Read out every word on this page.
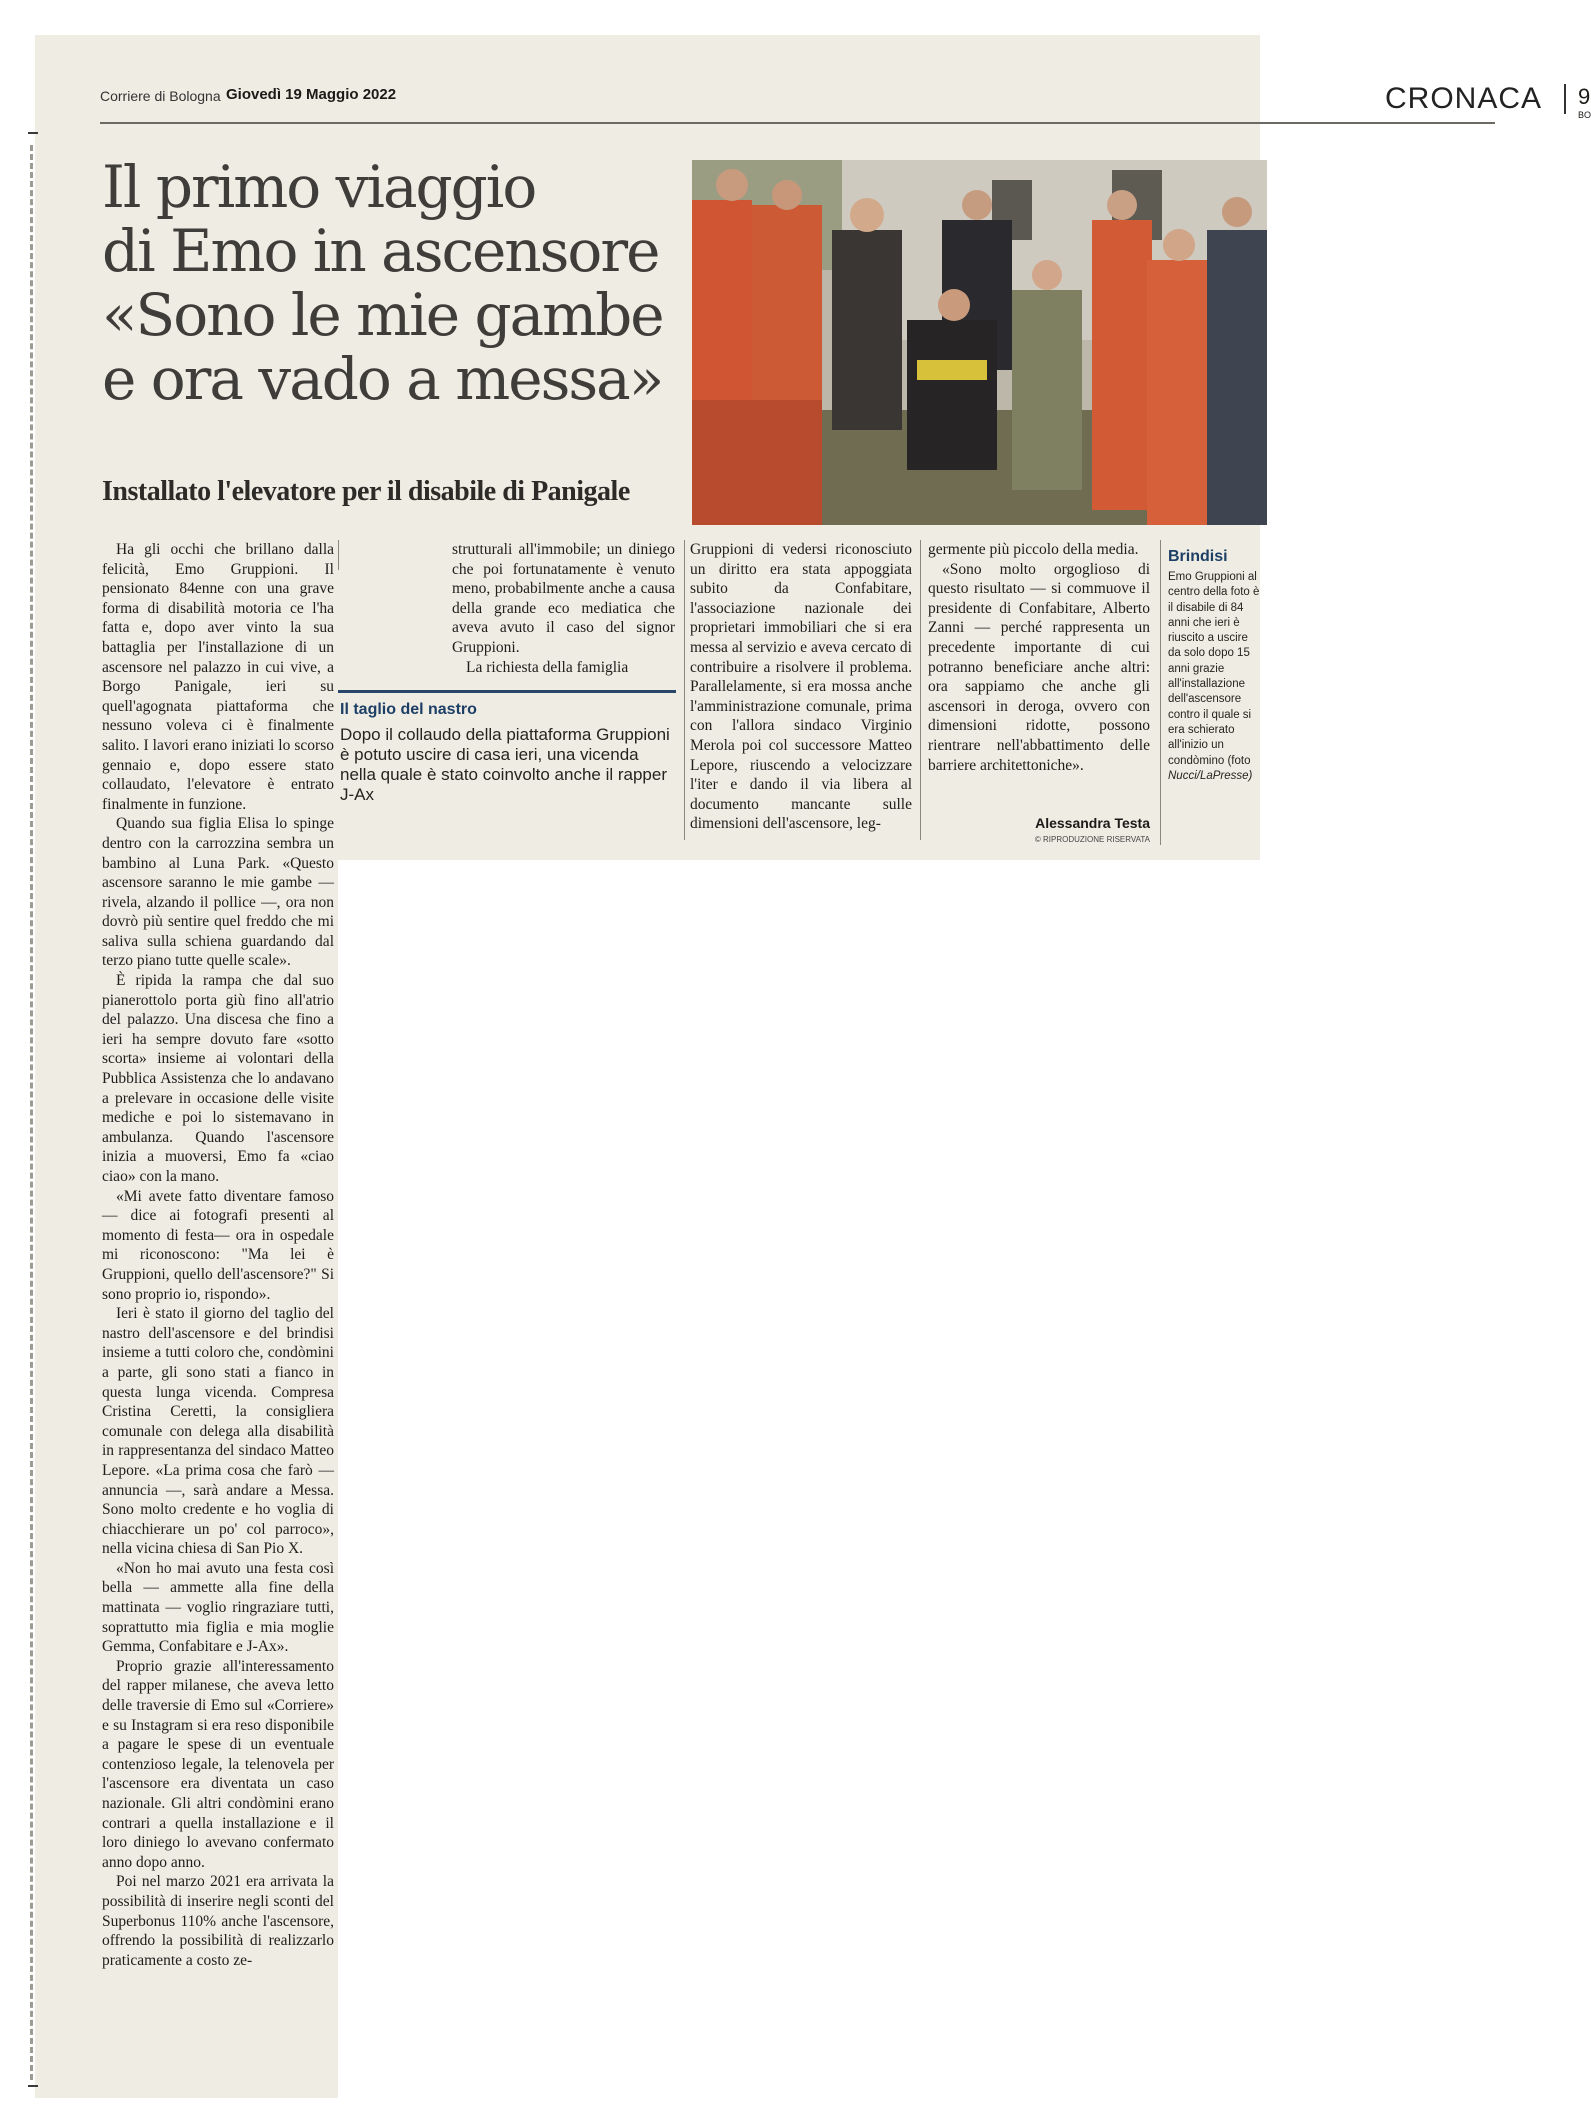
Corriere di Bologna Giovedì 19 Maggio 2022	CRONACA 9
BO
Il primo viaggio
di Emo in ascensore
«Sono le mie gambe
e ora vado a messa»
Installato l'elevatore per il disabile di Panigale

Ha gli occhi che brillano dalla felicità, Emo Gruppioni. Il pensionato 84enne con una grave forma di disabilità motoria ce l'ha fatta e, dopo aver vinto la sua battaglia per l'installazione di un ascensore nel palazzo in cui vive, a Borgo Panigale, ieri su quell'agognata piattaforma che nessuno voleva ci è finalmente salito. I lavori erano iniziati lo scorso gennaio e, dopo essere stato collaudato, l'elevatore è entrato finalmente in funzione.

Quando sua figlia Elisa lo spinge dentro con la carrozzina sembra un bambino al Luna Park. «Questo ascensore saranno le mie gambe — rivela, alzando il pollice —, ora non dovrò più sentire quel freddo che mi saliva sulla schiena guardando dal terzo piano tutte quelle scale».

È ripida la rampa che dal suo pianerottolo porta giù fino all'atrio del palazzo. Una discesa che fino a ieri ha sempre dovuto fare «sotto scorta» insieme ai volontari della Pubblica Assistenza che lo andavano a prelevare in occasione delle visite mediche e poi lo sistemavano in ambulanza. Quando l'ascensore inizia a muoversi, Emo fa «ciao ciao» con la mano.

«Mi avete fatto diventare famoso — dice ai fotografi presenti al momento di festa— ora in ospedale mi riconoscono: "Ma lei è Gruppioni, quello dell'ascensore?" Si sono proprio io, rispondo».

Ieri è stato il giorno del taglio del nastro dell'ascensore e del brindisi insieme a tutti coloro che, condòmini a parte, gli sono stati a fianco in questa lunga vicenda. Compresa Cristina Ceretti, la consigliera comunale con delega alla disabilità in rappresentanza del sindaco Matteo Lepore. «La prima cosa che farò — annuncia —, sarà andare a Messa. Sono molto credente e ho voglia di chiacchierare un po' col parroco», nella vicina chiesa di San Pio X.

«Non ho mai avuto una festa così bella — ammette alla fine della mattinata — voglio ringraziare tutti, soprattutto mia figlia e mia moglie Gemma, Confabitare e J-Ax».

Proprio grazie all'interessamento del rapper milanese, che aveva letto delle traversie di Emo sul «Corriere» e su Instagram si era reso disponibile a pagare le spese di un eventuale contenzioso legale, la telenovela per l'ascensore era diventata un caso nazionale. Gli altri condòmini erano contrari a quella installazione e il loro diniego lo avevano confermato anno dopo anno.

Poi nel marzo 2021 era arrivata la possibilità di inserire negli sconti del Superbonus 110% anche l'ascensore, offrendo la possibilità di realizzarlo praticamente a costo ze-

strutturali all'immobile; un diniego che poi fortunatamente è venuto meno, probabilmente anche a causa della grande eco mediatica che aveva avuto il caso del signor Gruppioni.

La richiesta della famiglia

Il taglio del nastro
Dopo il collaudo della piattaforma Gruppioni è potuto uscire di casa ieri, una vicenda nella quale è stato coinvolto anche il rapper J-Ax

Gruppioni di vedersi riconosciuto un diritto era stata appoggiata subito da Confabitare, l'associazione nazionale dei proprietari immobiliari che si era messa al servizio e aveva cercato di contribuire a risolvere il problema. Parallelamente, si era mossa anche l'amministrazione comunale, prima con l'allora sindaco Virginio Merola poi col successore Matteo Lepore, riuscendo a velocizzare l'iter e dando il via libera al documento mancante sulle dimensioni dell'ascensore, leg-

germente più piccolo della media.

«Sono molto orgoglioso di questo risultato — si commuove il presidente di Confabitare, Alberto Zanni — perché rappresenta un precedente importante di cui potranno beneficiare anche altri: ora sappiamo che anche gli ascensori in deroga, ovvero con dimensioni ridotte, possono rientrare nell'abbattimento delle barriere architettoniche».

Alessandra Testa
© RIPRODUZIONE RISERVATA
Brindisi
Emo Gruppioni al centro della foto è il disabile di 84 anni che ieri è riuscito a uscire da solo dopo 15 anni grazie all'installazione dell'ascensore contro il quale si era schierato all'inizio un condòmino (foto Nucci/LaPresse)
